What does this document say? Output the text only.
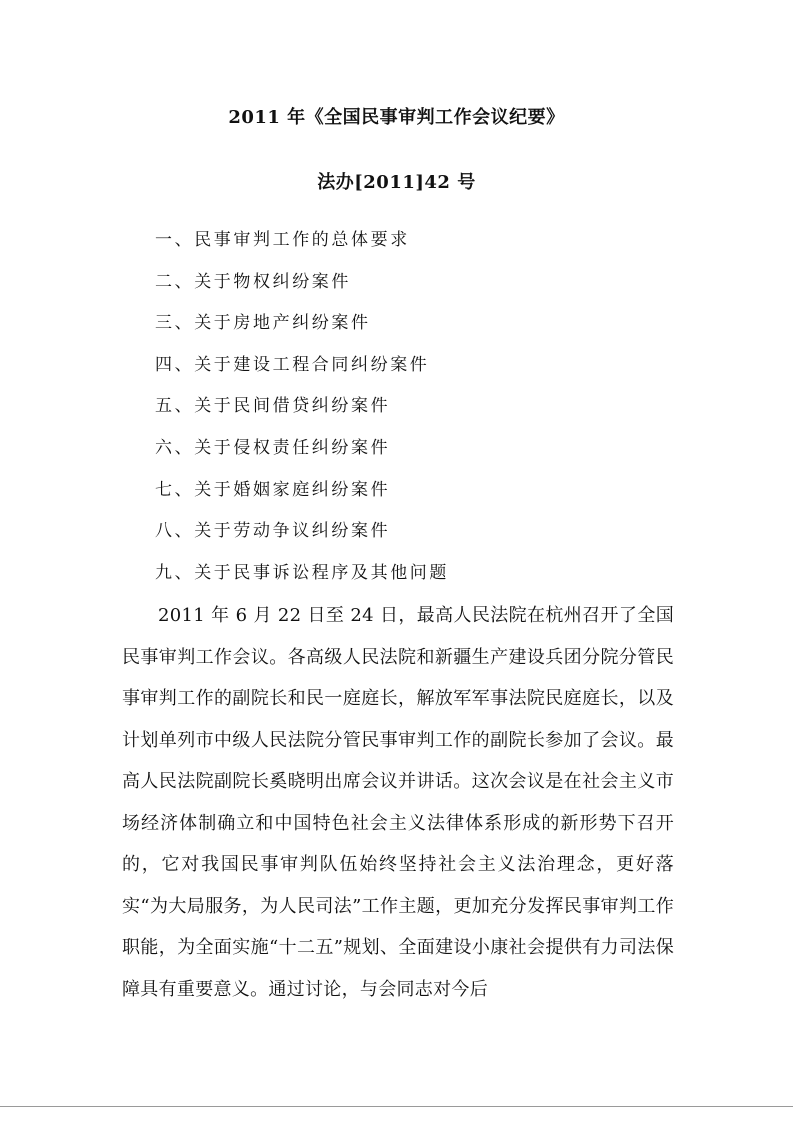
2011 年《全国民事审判工作会议纪要》
法办[2011]42 号
一、民事审判工作的总体要求
二、关于物权纠纷案件
三、关于房地产纠纷案件
四、关于建设工程合同纠纷案件
五、关于民间借贷纠纷案件
六、关于侵权责任纠纷案件
七、关于婚姻家庭纠纷案件
八、关于劳动争议纠纷案件
九、关于民事诉讼程序及其他问题

2011 年 6 月 22 日至 24 日，最高人民法院在杭州召开了全国民事审判工作会议。各高级人民法院和新疆生产建设兵团分院分管民事审判工作的副院长和民一庭庭长，解放军军事法院民庭庭长，以及计划单列市中级人民法院分管民事审判工作的副院长参加了会议。最高人民法院副院长奚晓明出席会议并讲话。这次会议是在社会主义市场经济体制确立和中国特色社会主义法律体系形成的新形势下召开的，它对我国民事审判队伍始终坚持社会主义法治理念，更好落实“为大局服务，为人民司法”工作主题，更加充分发挥民事审判工作职能，为全面实施“十二五”规划、全面建设小康社会提供有力司法保障具有重要意义。通过讨论，与会同志对今后
